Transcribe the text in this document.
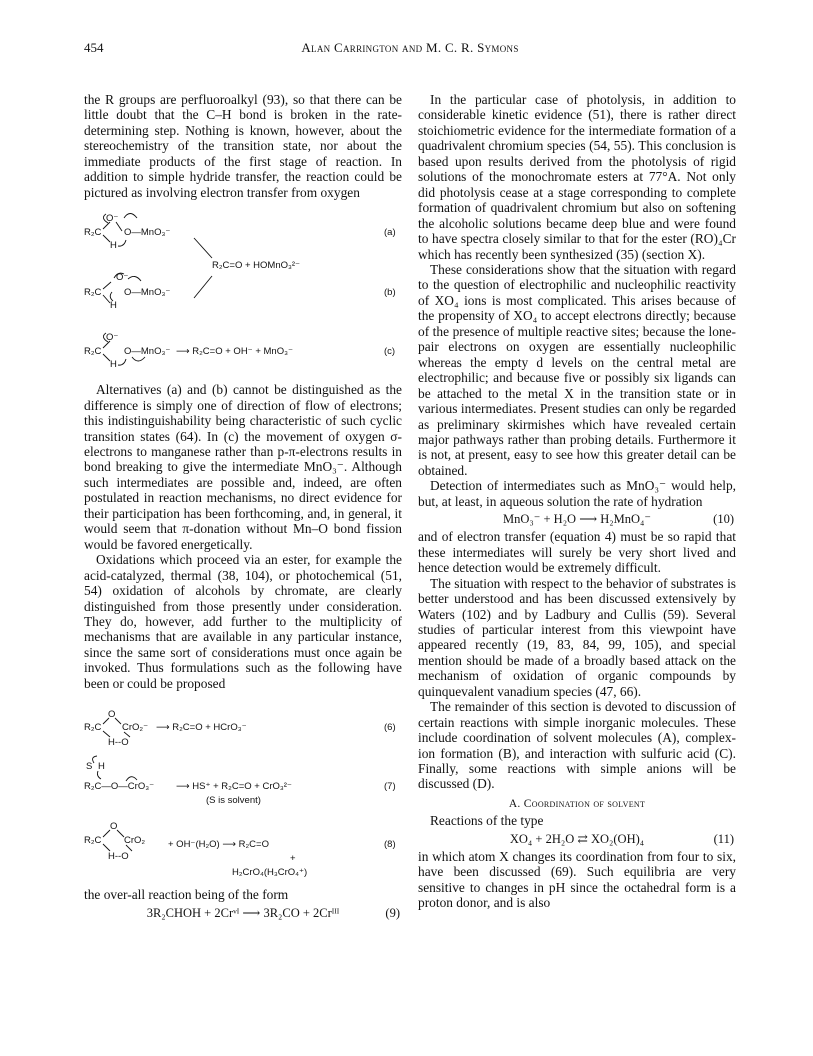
454	Alan Carrington and M. C. R. Symons

the R groups are perfluoroalkyl (93), so that there can be little doubt that the C–H bond is broken in the rate-determining step. Nothing is known, however, about the stereochemistry of the transition state, nor about the immediate products of the first stage of reaction. In addition to simple hydride transfer, the reaction could be pictured as involving electron transfer from oxygen

O⁻
R₂C O—MnO₃⁻
H
(a)
R₂C=O + HOMnO₃²⁻
O⁻
R₂C O—MnO₃⁻
H
(b)
O⁻
R₂C O—MnO₃⁻
H
⟶ R₂C=O + OH⁻ + MnO₃⁻	(c)

Alternatives (a) and (b) cannot be distinguished as the difference is simply one of direction of flow of electrons; this indistinguishability being characteristic of such cyclic transition states (64). In (c) the movement of oxygen σ-electrons to manganese rather than p-π-electrons results in bond breaking to give the intermediate MnO₃⁻. Although such intermediates are possible and, indeed, are often postulated in reaction mechanisms, no direct evidence for their participation has been forthcoming, and, in general, it would seem that π-donation without Mn–O bond fission would be favored energetically.

Oxidations which proceed via an ester, for example the acid-catalyzed, thermal (38, 104), or photochemical (51, 54) oxidation of alcohols by chromate, are clearly distinguished from those presently under consideration. They do, however, add further to the multiplicity of mechanisms that are available in any particular instance, since the same sort of considerations must once again be invoked. Thus formulations such as the following have been or could be proposed

O
R₂C CrO₂⁻
H--O
⟶ R₂C=O + HCrO₃⁻	(6)
S H
R₂C—O—CrO₃⁻ ⟶ HS⁺ + R₂C=O + CrO₃²⁻
(S is solvent)
(7)
O
R₂C CrO₂
H--O
+ OH⁻(H₂O) ⟶ R₂C=O
+
H₂CrO₄(H₃CrO₄⁺)
(8)

the over-all reaction being of the form

3R₂CHOH + 2Crᵛᴵ ⟶ 3R₂CO + 2Crᴵᴵᴵ	(9)

In the particular case of photolysis, in addition to considerable kinetic evidence (51), there is rather direct stoichiometric evidence for the intermediate formation of a quadrivalent chromium species (54, 55). This conclusion is based upon results derived from the photolysis of rigid solutions of the monochromate esters at 77°A. Not only did photolysis cease at a stage corresponding to complete formation of quadrivalent chromium but also on softening the alcoholic solutions became deep blue and were found to have spectra closely similar to that for the ester (RO)₄Cr which has recently been synthesized (35) (section X).

These considerations show that the situation with regard to the question of electrophilic and nucleophilic reactivity of XO₄ ions is most complicated. This arises because of the propensity of XO₄ to accept electrons directly; because of the presence of multiple reactive sites; because the lone-pair electrons on oxygen are essentially nucleophilic whereas the empty d levels on the central metal are electrophilic; and because five or possibly six ligands can be attached to the metal X in the transition state or in various intermediates. Present studies can only be regarded as preliminary skirmishes which have revealed certain major pathways rather than probing details. Furthermore it is not, at present, easy to see how this greater detail can be obtained.

Detection of intermediates such as MnO₃⁻ would help, but, at least, in aqueous solution the rate of hydration

MnO₃⁻ + H₂O ⟶ H₂MnO₄⁻	(10)

and of electron transfer (equation 4) must be so rapid that these intermediates will surely be very short lived and hence detection would be extremely difficult.

The situation with respect to the behavior of substrates is better understood and has been discussed extensively by Waters (102) and by Ladbury and Cullis (59). Several studies of particular interest from this viewpoint have appeared recently (19, 83, 84, 99, 105), and special mention should be made of a broadly based attack on the mechanism of oxidation of organic compounds by quinquevalent vanadium species (47, 66).

The remainder of this section is devoted to discussion of certain reactions with simple inorganic molecules. These include coordination of solvent molecules (A), complex-ion formation (B), and interaction with sulfuric acid (C). Finally, some reactions with simple anions will be discussed (D).

A. Coordination of solvent

Reactions of the type

XO₄ + 2H₂O ⇄ XO₂(OH)₄	(11)

in which atom X changes its coordination from four to six, have been discussed (69). Such equilibria are very sensitive to changes in pH since the octahedral form is a proton donor, and is also
